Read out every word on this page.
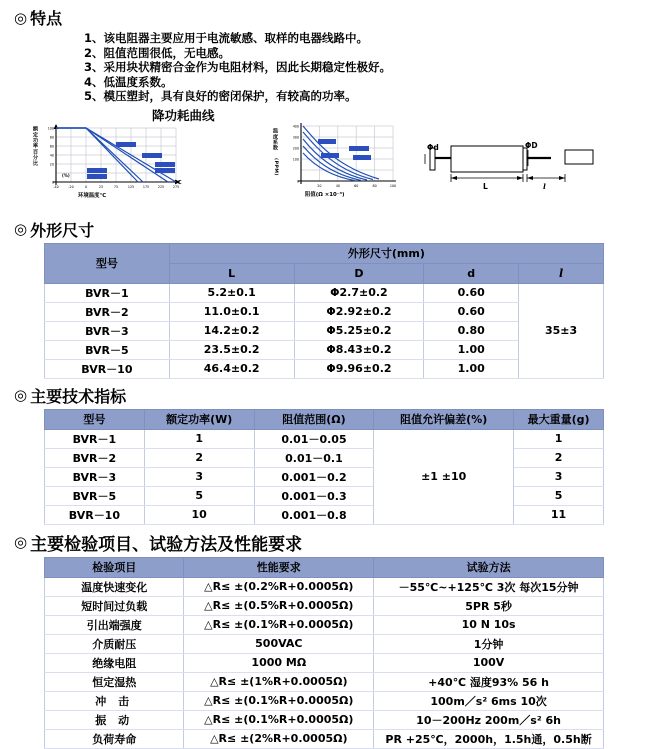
◎ 特点
1、该电阻器主要应用于电流敏感、取样的电器线路中。
2、阻值范围很低，无电感。
3、采用块状精密合金作为电阻材料，因此长期稳定性极好。
4、低温度系数。
5、模压塑封，具有良好的密闭保护，有较高的功率。
降功耗曲线
100
80
60
40
20
0
-40	-20	0	25	75	125	175	225	275
(%)
额定功率百分比
环境温度℃
℃
400
300
200
100
0
20	40	60	80	100
温度系数
(PPM)
阻值(Ω ×10⁻³)
Φd	ΦD
L	l
◎ 外形尺寸
型号	外形尺寸(mm)			
	L	D	d	l
BVR－1	5.2±0.1	Φ2.7±0.2	0.60	35±3
BVR－2	11.0±0.1	Φ2.92±0.2	0.60	
BVR－3	14.2±0.2	Φ5.25±0.2	0.80	
BVR－5	23.5±0.2	Φ8.43±0.2	1.00	
BVR－10	46.4±0.2	Φ9.96±0.2	1.00	
◎ 主要技术指标
型号	额定功率(W)	阻值范围(Ω)	阻值允许偏差(%)	最大重量(g)
BVR－1	1	0.01－0.05	±1 ±10	1
BVR－2	2	0.01－0.1		2
BVR－3	3	0.001－0.2		3
BVR－5	5	0.001－0.3		5
BVR－10	10	0.001－0.8		11
◎ 主要检验项目、试验方法及性能要求
检验项目	性能要求	试验方法
温度快速变化	△R≤ ±(0.2%R+0.0005Ω)	－55℃~+125℃ 3次 每次15分钟
短时间过负载	△R≤ ±(0.5%R+0.0005Ω)	5PR 5秒
引出端强度	△R≤ ±(0.1%R+0.0005Ω)	10 N 10s
介质耐压	500VAC	1分钟
绝缘电阻	1000 MΩ	100V
恒定湿热	△R≤ ±(1%R+0.0005Ω)	+40℃ 湿度93% 56 h
冲 击	△R≤ ±(0.1%R+0.0005Ω)	100m／s² 6ms 10次
振 动	△R≤ ±(0.1%R+0.0005Ω)	10－200Hz 200m／s² 6h
负荷寿命	△R≤ ±(2%R+0.0005Ω)	PR +25℃，2000h，1.5h通，0.5h断
